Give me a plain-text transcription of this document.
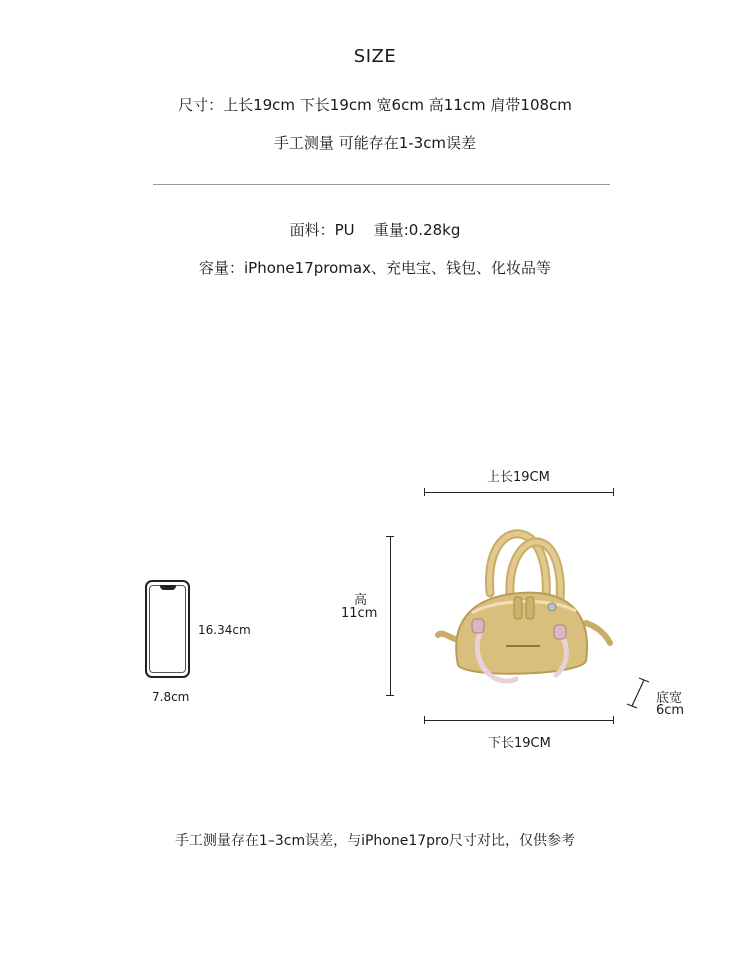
SIZE
尺寸：上长19cm 下长19cm 宽6cm 高11cm 肩带108cm
手工测量 可能存在1-3cm误差
面料：PU    重量:0.28kg
容量：iPhone17promax、充电宝、钱包、化妆品等
16.34cm
7.8cm
上长19CM
高
11cm
下长19CM
底宽
6cm
手工测量存在1–3cm误差，与iPhone17pro尺寸对比，仅供参考
